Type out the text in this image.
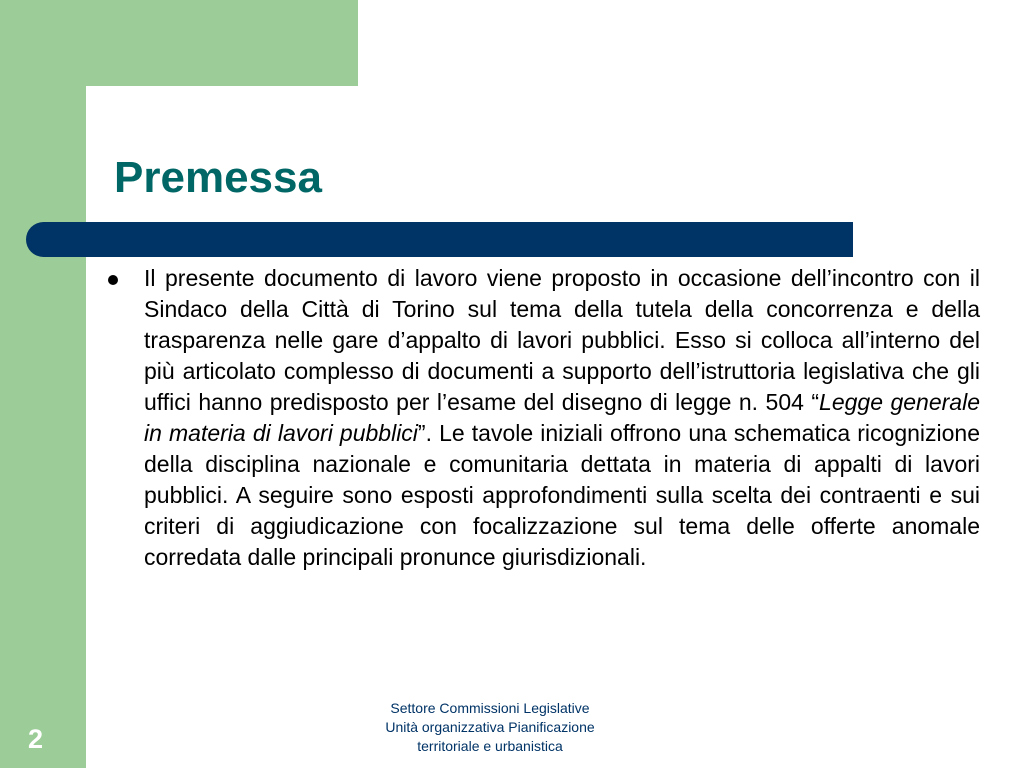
Premessa

Il presente documento di lavoro viene proposto in occasione dell’incontro con il Sindaco della Città di Torino sul tema della tutela della concorrenza e della trasparenza nelle gare d’appalto di lavori pubblici. Esso si colloca all’interno del più articolato complesso di documenti a supporto dell’istruttoria legislativa che gli uffici hanno predisposto per l’esame del disegno di legge n. 504 “Legge generale in materia di lavori pubblici”. Le tavole iniziali offrono una schematica ricognizione della disciplina nazionale e comunitaria dettata in materia di appalti di lavori pubblici. A seguire sono esposti approfondimenti sulla scelta dei contraenti e sui criteri di aggiudicazione con focalizzazione sul tema delle offerte anomale corredata dalle principali pronunce giurisdizionali.

Settore Commissioni Legislative
Unità organizzativa Pianificazione
territoriale e urbanistica

2
